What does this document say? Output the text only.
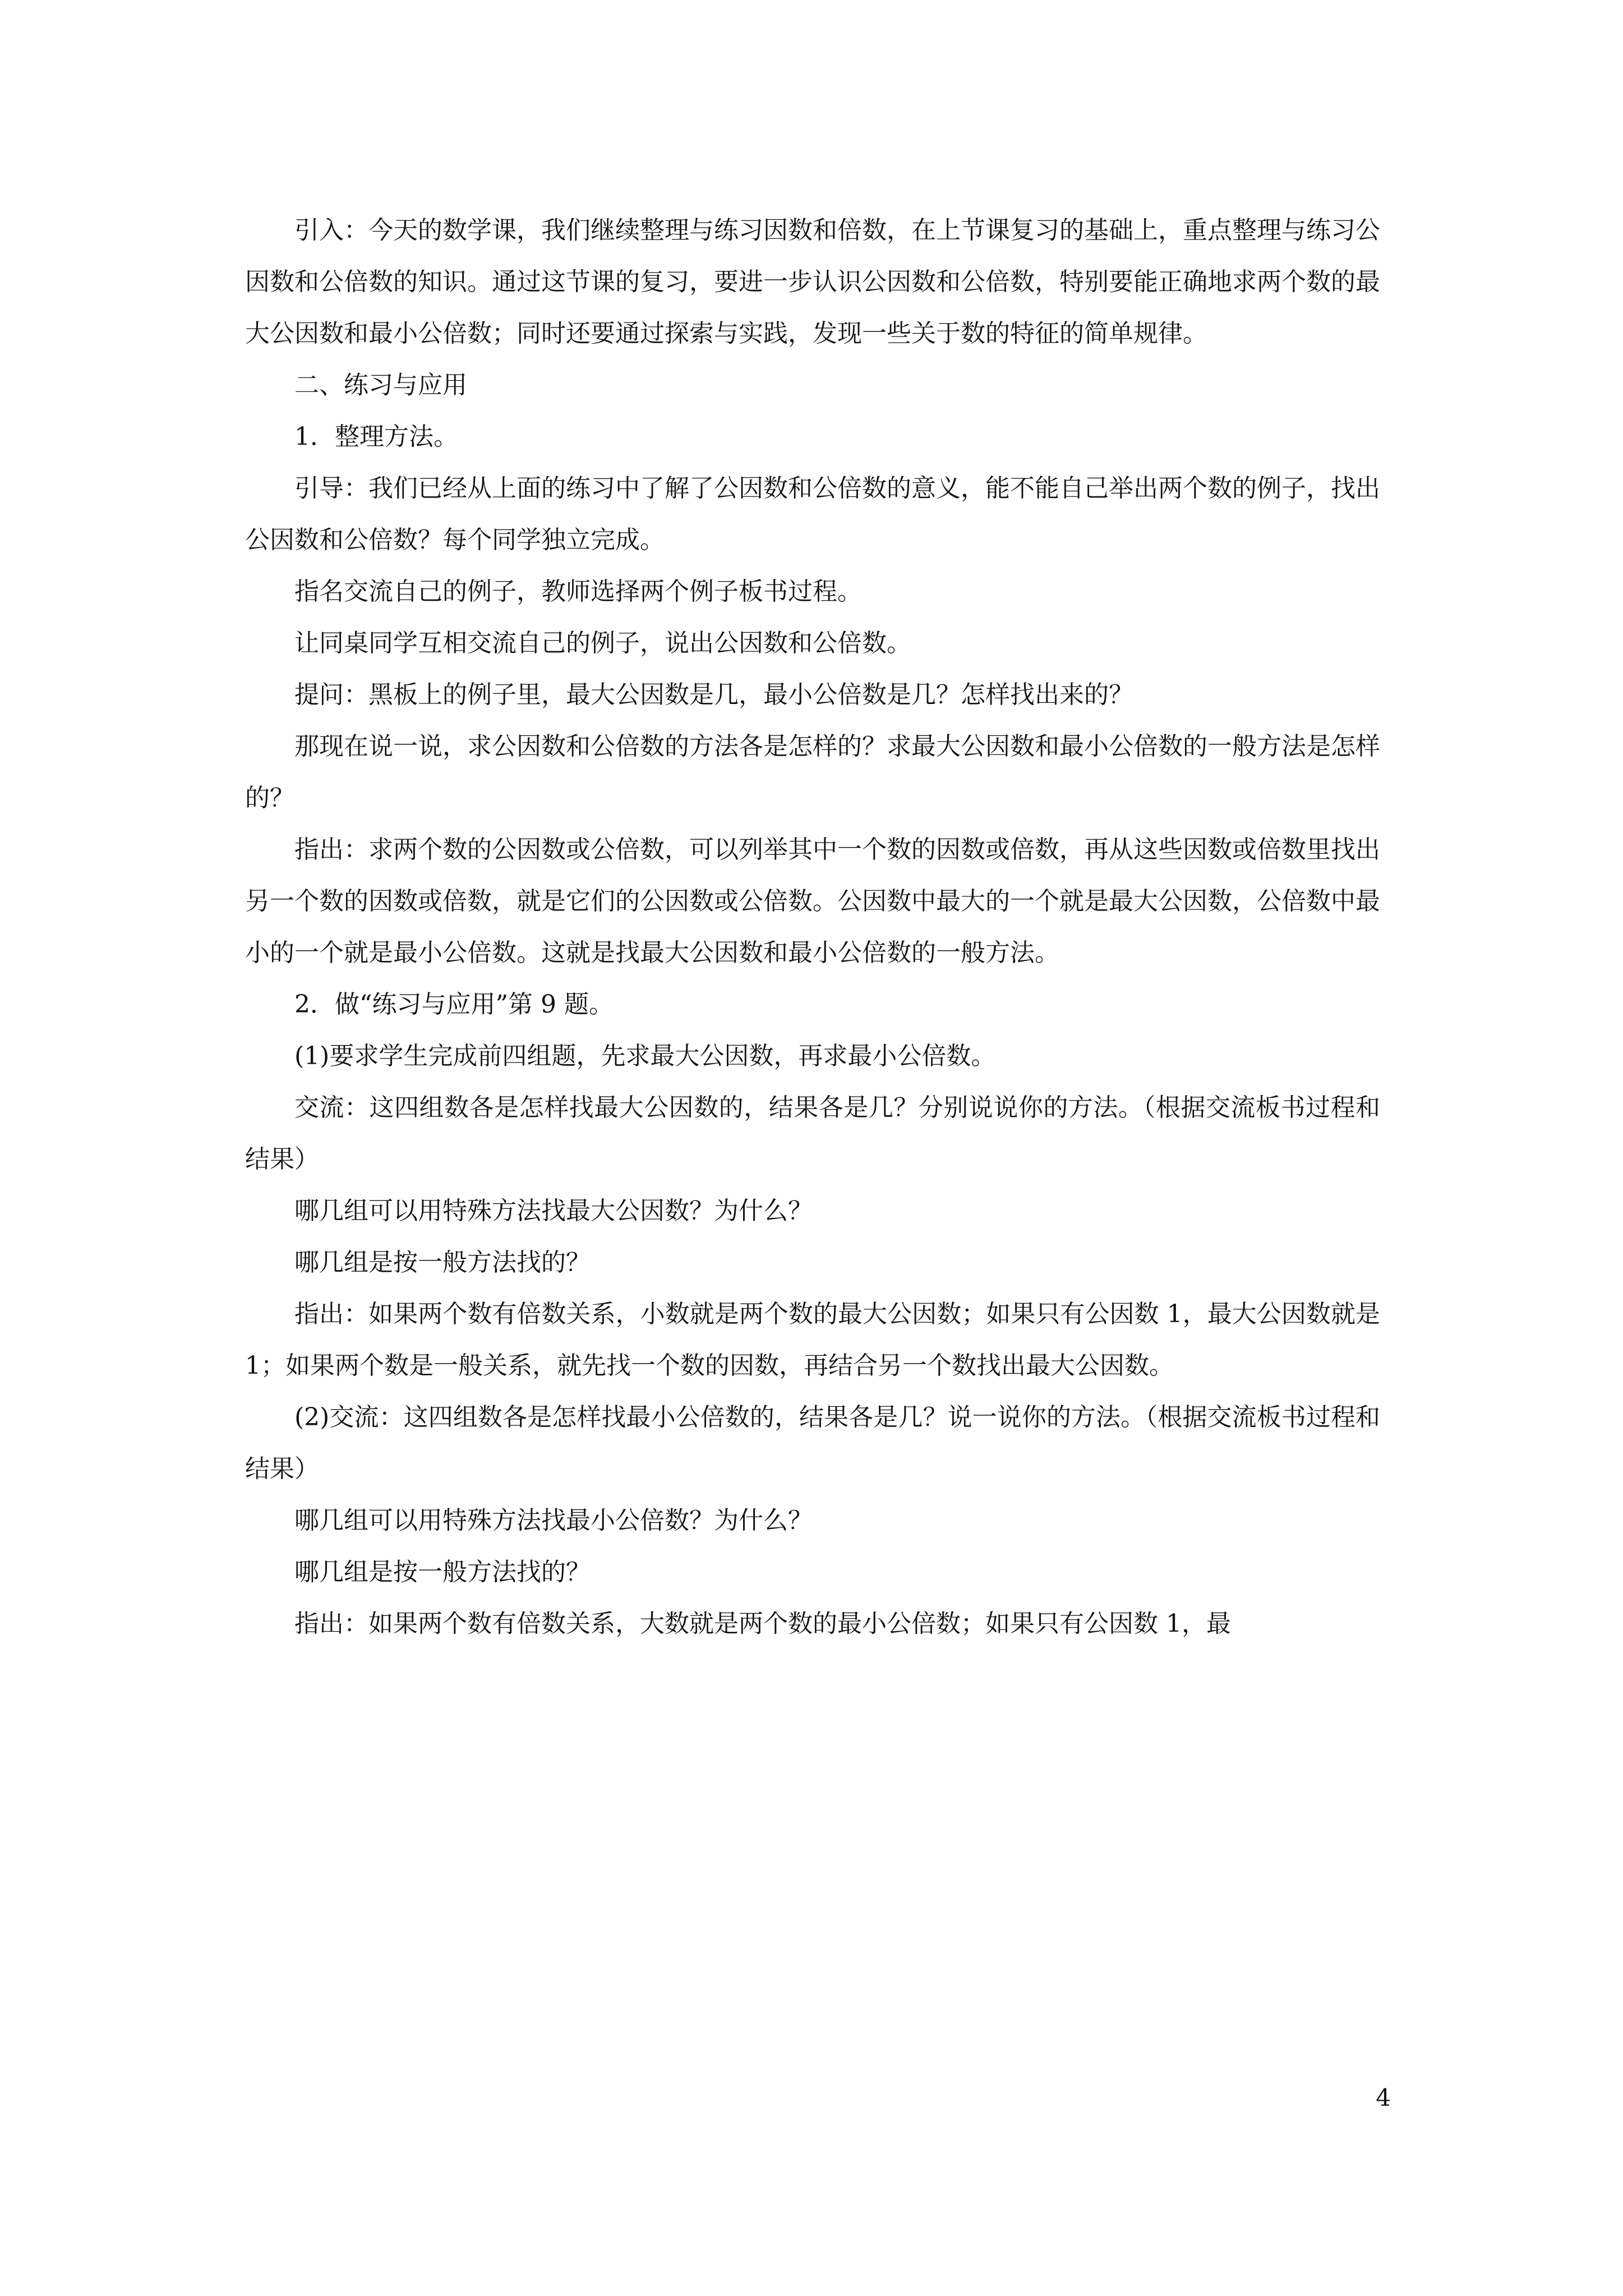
引入：今天的数学课，我们继续整理与练习因数和倍数，在上节课复习的基础上，重点整理与练习公因数和公倍数的知识。通过这节课的复习，要进一步认识公因数和公倍数，特别要能正确地求两个数的最大公因数和最小公倍数；同时还要通过探索与实践，发现一些关于数的特征的简单规律。

二、练习与应用

1．整理方法。

引导：我们已经从上面的练习中了解了公因数和公倍数的意义，能不能自己举出两个数的例子，找出公因数和公倍数？每个同学独立完成。

指名交流自己的例子，教师选择两个例子板书过程。

让同桌同学互相交流自己的例子，说出公因数和公倍数。

提问：黑板上的例子里，最大公因数是几，最小公倍数是几？怎样找出来的？

那现在说一说，求公因数和公倍数的方法各是怎样的？求最大公因数和最小公倍数的一般方法是怎样的？

指出：求两个数的公因数或公倍数，可以列举其中一个数的因数或倍数，再从这些因数或倍数里找出另一个数的因数或倍数，就是它们的公因数或公倍数。公因数中最大的一个就是最大公因数，公倍数中最小的一个就是最小公倍数。这就是找最大公因数和最小公倍数的一般方法。

2．做“练习与应用”第 9 题。

(1)要求学生完成前四组题，先求最大公因数，再求最小公倍数。

交流：这四组数各是怎样找最大公因数的，结果各是几？分别说说你的方法。（根据交流板书过程和结果）

哪几组可以用特殊方法找最大公因数？为什么？

哪几组是按一般方法找的？

指出：如果两个数有倍数关系，小数就是两个数的最大公因数；如果只有公因数 1，最大公因数就是 1；如果两个数是一般关系，就先找一个数的因数，再结合另一个数找出最大公因数。

(2)交流：这四组数各是怎样找最小公倍数的，结果各是几？说一说你的方法。（根据交流板书过程和结果）

哪几组可以用特殊方法找最小公倍数？为什么？

哪几组是按一般方法找的？

指出：如果两个数有倍数关系，大数就是两个数的最小公倍数；如果只有公因数 1，最

4
